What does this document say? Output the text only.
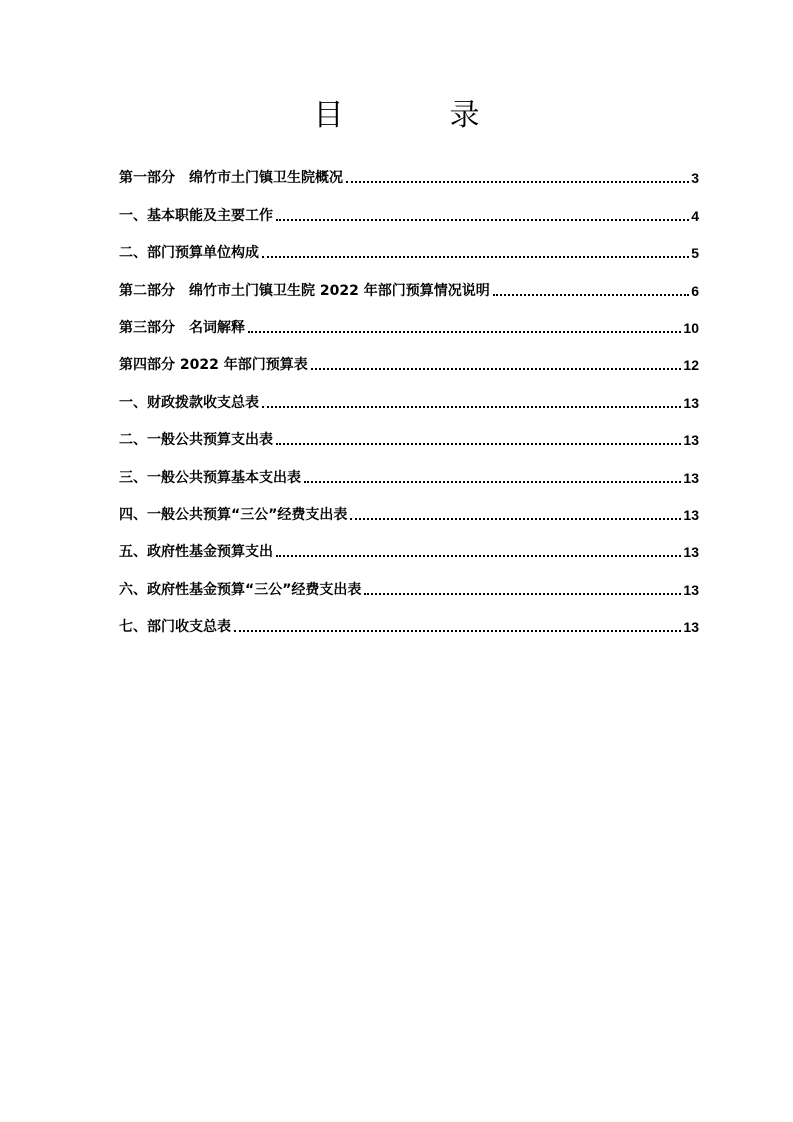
目　录
第一部分　绵竹市土门镇卫生院概况	3
一、基本职能及主要工作	4
二、部门预算单位构成	5
第二部分　绵竹市土门镇卫生院 2022 年部门预算情况说明	6
第三部分　名词解释	10
第四部分 2022 年部门预算表	12
一、财政拨款收支总表	13
二、一般公共预算支出表	13
三、一般公共预算基本支出表	13
四、一般公共预算“三公”经费支出表	13
五、政府性基金预算支出	13
六、政府性基金预算“三公”经费支出表	13
七、部门收支总表	13
